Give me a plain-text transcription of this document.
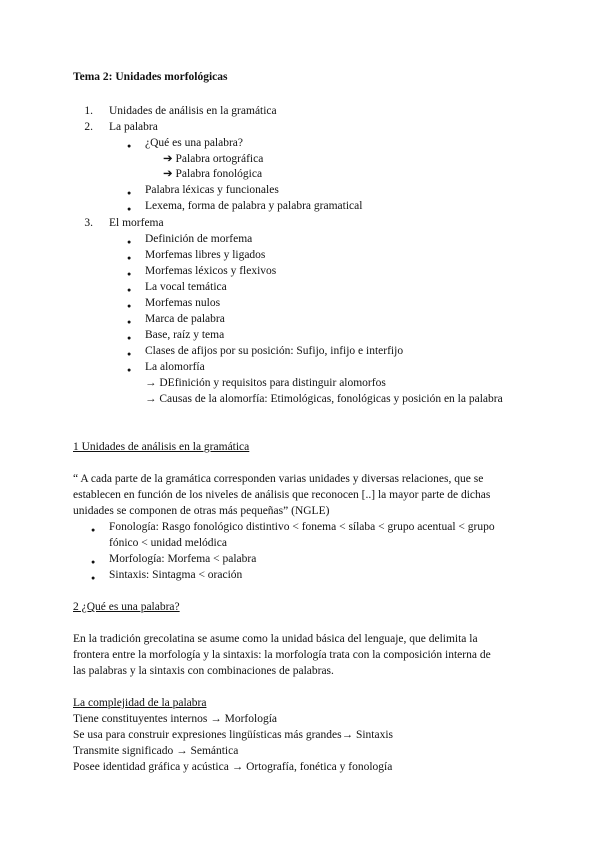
Tema 2: Unidades morfológicas
1. Unidades de análisis en la gramática
2. La palabra
● ¿Qué es una palabra?
➔ Palabra ortográfica
➔ Palabra fonológica
● Palabra léxicas y funcionales
● Lexema, forma de palabra y palabra gramatical
3. El morfema
● Definición de morfema
● Morfemas libres y ligados
● Morfemas léxicos y flexivos
● La vocal temática
● Morfemas nulos
● Marca de palabra
● Base, raíz y tema
● Clases de afijos por su posición: Sufijo, infijo e interfijo
● La alomorfía
→ DEfinición y requisitos para distinguir alomorfos
→ Causas de la alomorfía: Etimológicas, fonológicas y posición en la palabra
1 Unidades de análisis en la gramática
“ A cada parte de la gramática corresponden varias unidades y diversas relaciones, que se
establecen en función de los niveles de análisis que reconocen [..] la mayor parte de dichas
unidades se componen de otras más pequeñas” (NGLE)
● Fonología: Rasgo fonológico distintivo < fonema < sílaba < grupo acentual < grupo
fónico < unidad melódica
● Morfología: Morfema < palabra
● Sintaxis: Sintagma < oración
2 ¿Qué es una palabra?
En la tradición grecolatina se asume como la unidad básica del lenguaje, que delimita la
frontera entre la morfología y la sintaxis: la morfología trata con la composición interna de
las palabras y la sintaxis con combinaciones de palabras.
La complejidad de la palabra
Tiene constituyentes internos → Morfología
Se usa para construir expresiones lingüísticas más grandes→ Sintaxis
Transmite significado → Semántica
Posee identidad gráfica y acústica → Ortografía, fonética y fonología
